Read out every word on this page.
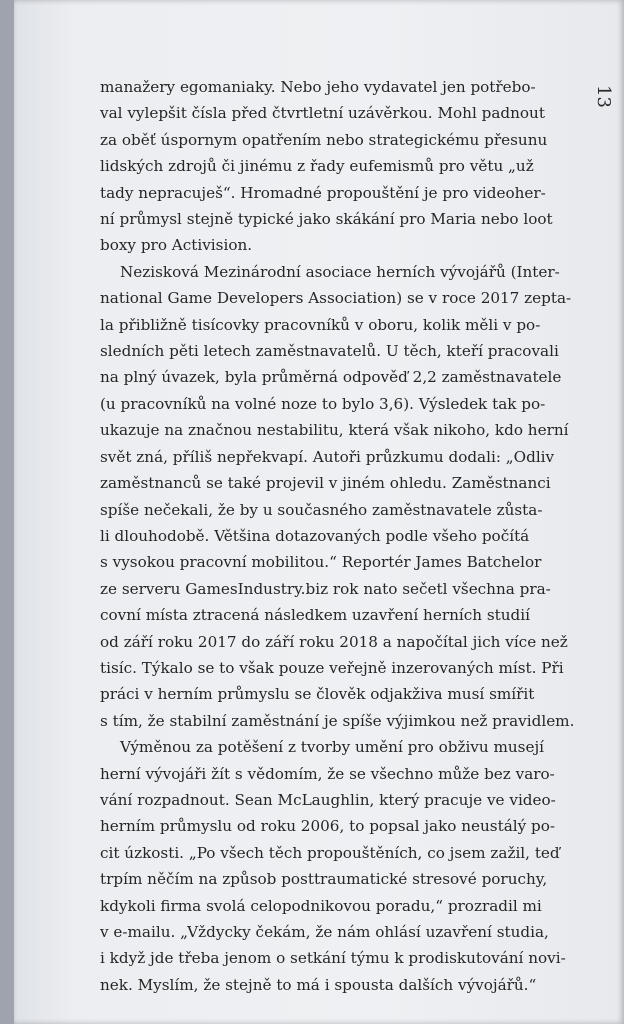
13
manažery egomaniaky. Nebo jeho vydavatel jen potřebo-
val vylepšit čísla před čtvrtletní uzávěrkou. Mohl padnout
za oběť úspornym opatřením nebo strategickému přesunu
lidských zdrojů či jinému z řady eufemismů pro větu „už
tady nepracuješ“. Hromadné propouštění je pro videoher-
ní průmysl stejně typické jako skákání pro Maria nebo loot
boxy pro Activision.
Nezisková Mezinárodní asociace herních vývojářů (Inter-
national Game Developers Association) se v roce 2017 zepta-
la přibližně tisícovky pracovníků v oboru, kolik měli v po-
sledních pěti letech zaměstnavatelů. U těch, kteří pracovali
na plný úvazek, byla průměrná odpověď 2,2 zaměstnavatele
(u pracovníků na volné noze to bylo 3,6). Výsledek tak po-
ukazuje na značnou nestabilitu, která však nikoho, kdo herní
svět zná, příliš nepřekvapí. Autoři průzkumu dodali: „Odliv
zaměstnanců se také projevil v jiném ohledu. Zaměstnanci
spíše nečekali, že by u současného zaměstnavatele zůsta-
li dlouhodobě. Většina dotazovaných podle všeho počítá
s vysokou pracovní mobilitou.“ Reportér James Batchelor
ze serveru GamesIndustry.biz rok nato sečetl všechna pra-
covní místa ztracená následkem uzavření herních studií
od září roku 2017 do září roku 2018 a napočítal jich více než
tisíc. Týkalo se to však pouze veřejně inzerovaných míst. Při
práci v herním průmyslu se člověk odjakživa musí smířit
s tím, že stabilní zaměstnání je spíše výjimkou než pravidlem.
Výměnou za potěšení z tvorby umění pro obživu musejí
herní vývojáři žít s vědomím, že se všechno může bez varo-
vání rozpadnout. Sean McLaughlin, který pracuje ve video-
herním průmyslu od roku 2006, to popsal jako neustálý po-
cit úzkosti. „Po všech těch propouštěních, co jsem zažil, teď
trpím něčím na způsob posttraumatické stresové poruchy,
kdykoli firma svolá celopodnikovou poradu,“ prozradil mi
v e-mailu. „Vždycky čekám, že nám ohlásí uzavření studia,
i když jde třeba jenom o setkání týmu k prodiskutování novi-
nek. Myslím, že stejně to má i spousta dalších vývojářů.“
